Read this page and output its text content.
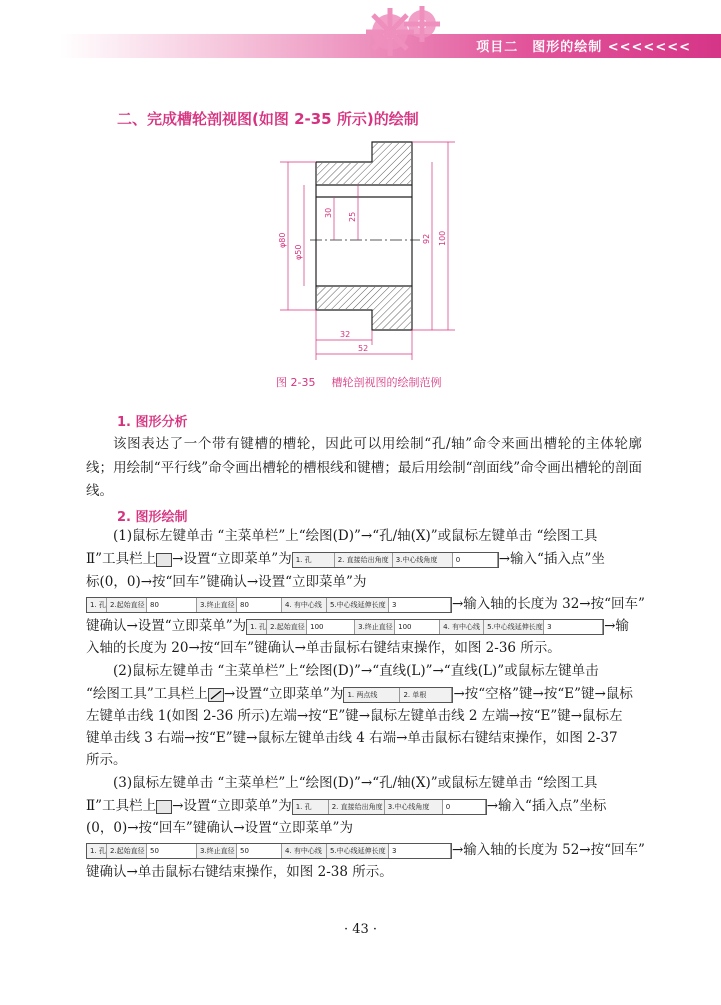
项目二　图形的绘制 <<<<<<<
二、完成槽轮剖视图(如图 2-35 所示)的绘制
φ80
φ50
30 25
92 100
32
52
图 2-35 槽轮剖视图的绘制范例
1. 图形分析
该图表达了一个带有键槽的槽轮，因此可以用绘制“孔/轴”命令来画出槽轮的主体轮廓线；用绘制“平行线”命令画出槽轮的槽根线和键槽；最后用绘制“剖面线”命令画出槽轮的剖面线。
2. 图形绘制
(1)鼠标左键单击 “主菜单栏”上“绘图(D)”→“孔/轴(X)”或鼠标左键单击 “绘图工具
Ⅱ”工具栏上 →设置“立即菜单”为 1. 孔	2. 直接给出角度	3.中心线角度	0	→输入“插入点”坐
标(0，0)→按“回车”键确认→设置“立即菜单”为
1. 孔 2.起始直径 80	3.终止直径 80	4. 有中心线	5.中心线延伸长度 3	→输入轴的长度为 32→按“回车”
键确认→设置“立即菜单”为 1. 孔 2.起始直径 100	3.终止直径 100	4. 有中心线	5.中心线延伸长度 3	→输
入轴的长度为 20→按“回车”键确认→单击鼠标右键结束操作，如图 2-36 所示。
(2)鼠标左键单击 “主菜单栏”上“绘图(D)”→“直线(L)”→“直线(L)”或鼠标左键单击
“绘图工具”工具栏上 →设置“立即菜单”为 1. 两点线	2. 单根	→按“空格”键→按“E”键→鼠标
左键单击线 1(如图 2-36 所示)左端→按“E”键→鼠标左键单击线 2 左端→按“E”键→鼠标左
键单击线 3 右端→按“E”键→鼠标左键单击线 4 右端→单击鼠标右键结束操作，如图 2-37
所示。
(3)鼠标左键单击 “主菜单栏”上“绘图(D)”→“孔/轴(X)”或鼠标左键单击 “绘图工具
Ⅱ”工具栏上 →设置“立即菜单”为 1. 孔	2. 直接给出角度 3.中心线角度	0	→输入“插入点”坐标
(0，0)→按“回车”键确认→设置“立即菜单”为
1. 孔 2.起始直径 50	3.终止直径 50	4. 有中心线	5.中心线延伸长度 3	→输入轴的长度为 52→按“回车”
键确认→单击鼠标右键结束操作，如图 2-38 所示。
· 43 ·
